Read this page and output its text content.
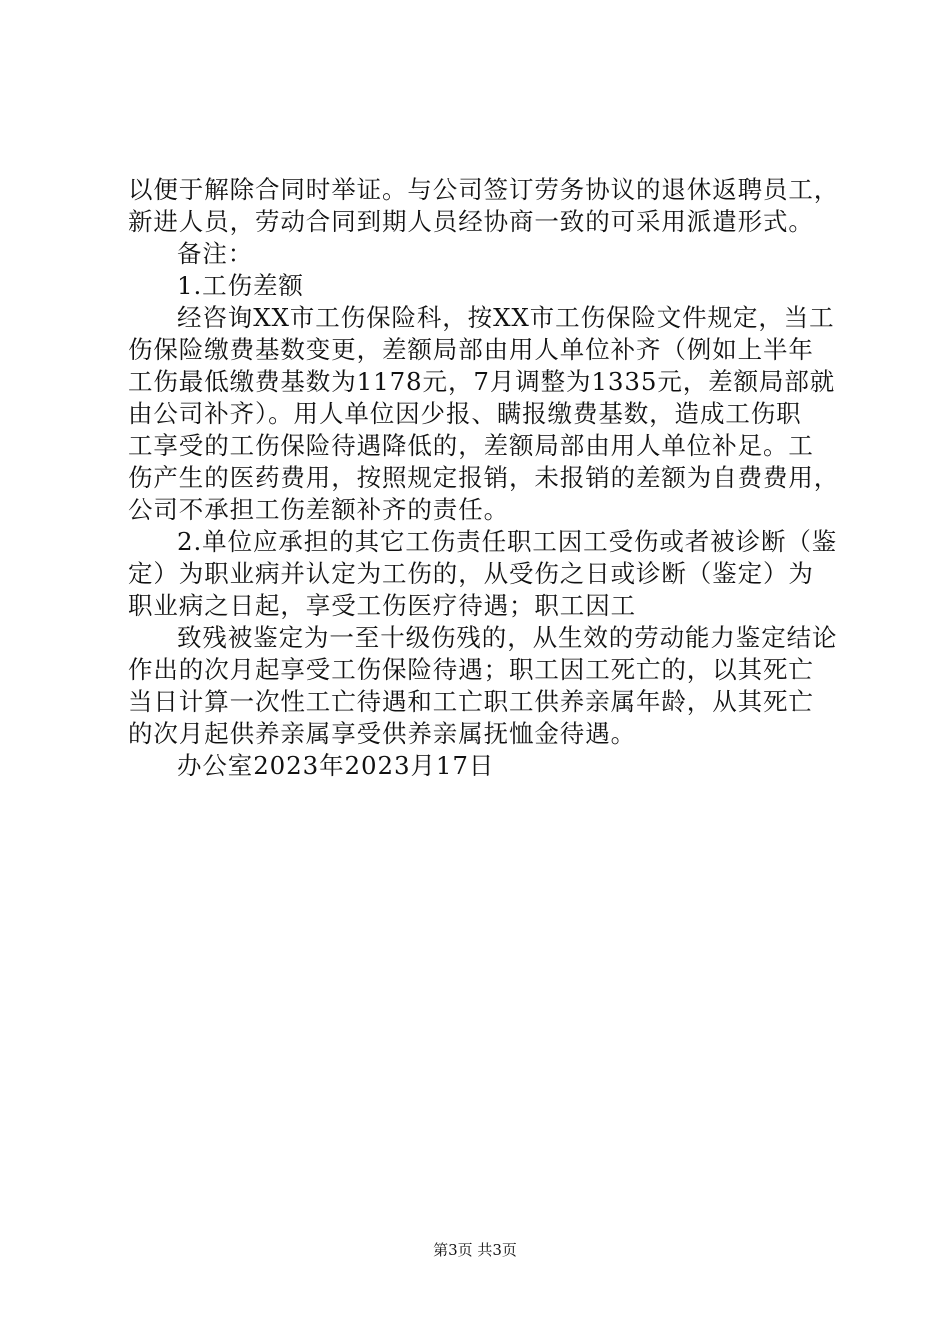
以便于解除合同时举证。与公司签订劳务协议的退休返聘员工，
新进人员，劳动合同到期人员经协商一致的可采用派遣形式。
备注：
1.工伤差额
经咨询XX市工伤保险科，按XX市工伤保险文件规定，当工
伤保险缴费基数变更，差额局部由用人单位补齐（例如上半年
工伤最低缴费基数为1178元，7月调整为1335元，差额局部就
由公司补齐）。用人单位因少报、瞒报缴费基数，造成工伤职
工享受的工伤保险待遇降低的，差额局部由用人单位补足。工
伤产生的医药费用，按照规定报销，未报销的差额为自费费用，
公司不承担工伤差额补齐的责任。
2.单位应承担的其它工伤责任职工因工受伤或者被诊断（鉴
定）为职业病并认定为工伤的，从受伤之日或诊断（鉴定）为
职业病之日起，享受工伤医疗待遇；职工因工
致残被鉴定为一至十级伤残的，从生效的劳动能力鉴定结论
作出的次月起享受工伤保险待遇；职工因工死亡的，以其死亡
当日计算一次性工亡待遇和工亡职工供养亲属年龄，从其死亡
的次月起供养亲属享受供养亲属抚恤金待遇。
办公室2023年2023月17日
第3页 共3页
